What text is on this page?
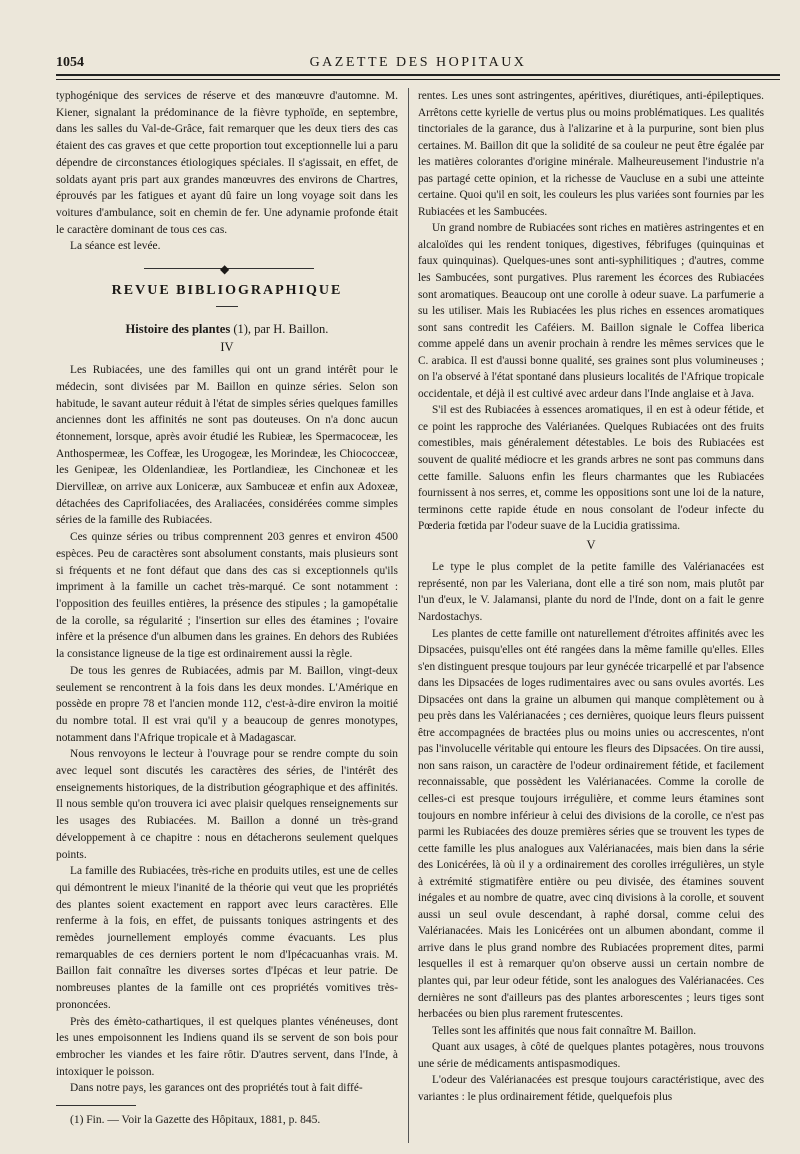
1054	GAZETTE DES HOPITAUX

typhogénique des services de réserve et des manœuvre d'automne. M. Kiener, signalant la prédominance de la fièvre typhoïde, en septembre, dans les salles du Val-de-Grâce, fait remarquer que les deux tiers des cas étaient des cas graves et que cette proportion tout exceptionnelle lui a paru dépendre de circonstances étiologiques spéciales. Il s'agissait, en effet, de soldats ayant pris part aux grandes manœuvres des environs de Chartres, éprouvés par les fatigues et ayant dû faire un long voyage soit dans les voitures d'ambulance, soit en chemin de fer. Une adynamie profonde était le caractère dominant de tous ces cas.

La séance est levée.

◆
REVUE BIBLIOGRAPHIQUE
Histoire des plantes (1), par H. Baillon.
IV

Les Rubiacées, une des familles qui ont un grand intérêt pour le médecin, sont divisées par M. Baillon en quinze séries. Selon son habitude, le savant auteur réduit à l'état de simples séries quelques familles anciennes dont les affinités ne sont pas douteuses. On n'a donc aucun étonnement, lorsque, après avoir étudié les Rubieæ, les Spermacoceæ, les Anthospermeæ, les Coffeæ, les Urogogeæ, les Morindeæ, les Chiococceæ, les Genipeæ, les Oldenlandieæ, les Portlandieæ, les Cinchoneæ et les Diervilleæ, on arrive aux Loniceræ, aux Sambuceæ et enfin aux Adoxeæ, détachées des Caprifoliacées, des Araliacées, considérées comme simples séries de la famille des Rubiacées.

Ces quinze séries ou tribus comprennent 203 genres et environ 4500 espèces. Peu de caractères sont absolument constants, mais plusieurs sont si fréquents et ne font défaut que dans des cas si exceptionnels qu'ils impriment à la famille un cachet très-marqué. Ce sont notamment : l'opposition des feuilles entières, la présence des stipules ; la gamopétalie de la corolle, sa régularité ; l'insertion sur elles des étamines ; l'ovaire infère et la présence d'un albumen dans les graines. En dehors des Rubiées la consistance ligneuse de la tige est ordinairement aussi la règle.

De tous les genres de Rubiacées, admis par M. Baillon, vingt-deux seulement se rencontrent à la fois dans les deux mondes. L'Amérique en possède en propre 78 et l'ancien monde 112, c'est-à-dire environ la moitié du nombre total. Il est vrai qu'il y a beaucoup de genres monotypes, notamment dans l'Afrique tropicale et à Madagascar.

Nous renvoyons le lecteur à l'ouvrage pour se rendre compte du soin avec lequel sont discutés les caractères des séries, de l'intérêt des enseignements historiques, de la distribution géographique et des affinités. Il nous semble qu'on trouvera ici avec plaisir quelques renseignements sur les usages des Rubiacées. M. Baillon a donné un très-grand développement à ce chapitre : nous en détacherons seulement quelques points.

La famille des Rubiacées, très-riche en produits utiles, est une de celles qui démontrent le mieux l'inanité de la théorie qui veut que les propriétés des plantes soient exactement en rapport avec leurs caractères. Elle renferme à la fois, en effet, de puissants toniques astringents et des remèdes journellement employés comme évacuants. Les plus remarquables de ces derniers portent le nom d'Ipécacuanhas vrais. M. Baillon fait connaître les diverses sortes d'Ipécas et leur patrie. De nombreuses plantes de la famille ont ces propriétés vomitives très-prononcées.

Près des émèto-cathartiques, il est quelques plantes vénéneuses, dont les unes empoisonnent les Indiens quand ils se servent de son bois pour embrocher les viandes et les faire rôtir. D'autres servent, dans l'Inde, à intoxiquer le poisson.

Dans notre pays, les garances ont des propriétés tout à fait diffé-

(1) Fin. — Voir la Gazette des Hôpitaux, 1881, p. 845.

rentes. Les unes sont astringentes, apéritives, diurétiques, anti-épileptiques. Arrêtons cette kyrielle de vertus plus ou moins problématiques. Les qualités tinctoriales de la garance, dus à l'alizarine et à la purpurine, sont bien plus certaines. M. Baillon dit que la solidité de sa couleur ne peut être égalée par les matières colorantes d'origine minérale. Malheureusement l'industrie n'a pas partagé cette opinion, et la richesse de Vaucluse en a subi une atteinte certaine. Quoi qu'il en soit, les couleurs les plus variées sont fournies par les Rubiacées et les Sambucées.

Un grand nombre de Rubiacées sont riches en matières astringentes et en alcaloïdes qui les rendent toniques, digestives, fébrifuges (quinquinas et faux quinquinas). Quelques-unes sont anti-syphilitiques ; d'autres, comme les Sambucées, sont purgatives. Plus rarement les écorces des Rubiacées sont aromatiques. Beaucoup ont une corolle à odeur suave. La parfumerie a su les utiliser. Mais les Rubiacées les plus riches en essences aromatiques sont sans contredit les Caféiers. M. Baillon signale le Coffea liberica comme appelé dans un avenir prochain à rendre les mêmes services que le C. arabica. Il est d'aussi bonne qualité, ses graines sont plus volumineuses ; on l'a observé à l'état spontané dans plusieurs localités de l'Afrique tropicale occidentale, et déjà il est cultivé avec ardeur dans l'Inde anglaise et à Java.

S'il est des Rubiacées à essences aromatiques, il en est à odeur fétide, et ce point les rapproche des Valérianées. Quelques Rubiacées ont des fruits comestibles, mais généralement détestables. Le bois des Rubiacées est souvent de qualité médiocre et les grands arbres ne sont pas communs dans cette famille. Saluons enfin les fleurs charmantes que les Rubiacées fournissent à nos serres, et, comme les oppositions sont une loi de la nature, terminons cette rapide étude en nous consolant de l'odeur infecte du Pœderia fœtida par l'odeur suave de la Lucidia gratissima.

V

Le type le plus complet de la petite famille des Valérianacées est représenté, non par les Valeriana, dont elle a tiré son nom, mais plutôt par l'un d'eux, le V. Jalamansi, plante du nord de l'Inde, dont on a fait le genre Nardostachys.

Les plantes de cette famille ont naturellement d'étroites affinités avec les Dipsacées, puisqu'elles ont été rangées dans la même famille qu'elles. Elles s'en distinguent presque toujours par leur gynécée tricarpellé et par l'absence dans les Dipsacées de loges rudimentaires avec ou sans ovules avortés. Les Dipsacées ont dans la graine un albumen qui manque complètement ou à peu près dans les Valérianacées ; ces dernières, quoique leurs fleurs puissent être accompagnées de bractées plus ou moins unies ou accrescentes, n'ont pas l'involucelle véritable qui entoure les fleurs des Dipsacées. On tire aussi, non sans raison, un caractère de l'odeur ordinairement fétide, et facilement reconnaissable, que possèdent les Valérianacées. Comme la corolle de celles-ci est presque toujours irrégulière, et comme leurs étamines sont toujours en nombre inférieur à celui des divisions de la corolle, ce n'est pas parmi les Rubiacées des douze premières séries que se trouvent les types de cette famille les plus analogues aux Valérianacées, mais bien dans la série des Lonicérées, là où il y a ordinairement des corolles irrégulières, un style à extrémité stigmatifère entière ou peu divisée, des étamines souvent inégales et au nombre de quatre, avec cinq divisions à la corolle, et souvent aussi un seul ovule descendant, à raphé dorsal, comme celui des Valérianacées. Mais les Lonicérées ont un albumen abondant, comme il arrive dans le plus grand nombre des Rubiacées proprement dites, parmi lesquelles il est à remarquer qu'on observe aussi un certain nombre de plantes qui, par leur odeur fétide, sont les analogues des Valérianacées. Ces dernières ne sont d'ailleurs pas des plantes arborescentes ; leurs tiges sont herbacées ou bien plus rarement frutescentes.

Telles sont les affinités que nous fait connaître M. Baillon.

Quant aux usages, à côté de quelques plantes potagères, nous trouvons une série de médicaments antispasmodiques.

L'odeur des Valérianacées est presque toujours caractéristique, avec des variantes : le plus ordinairement fétide, quelquefois plus
